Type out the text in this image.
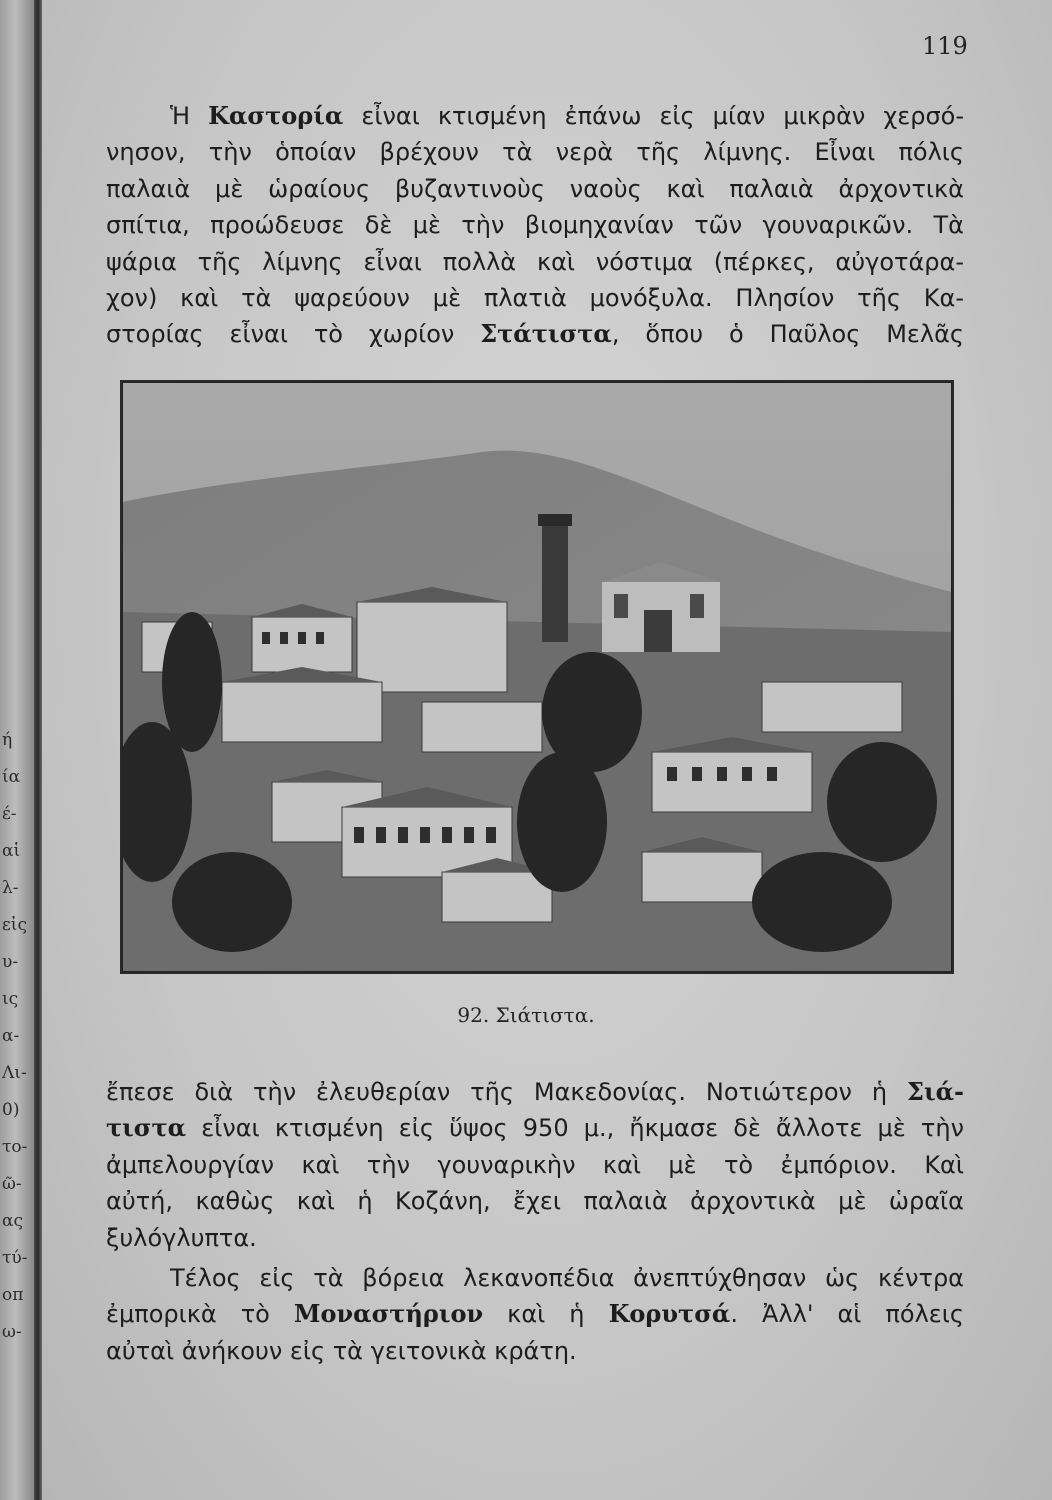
ή
ία
έ-
αἱ
λ-
εἰς
υ-
ις
α-
Λι-
0)
το-
ῶ-
ας
τύ-
οπ
ω-
119
Ἡ Καστορία εἶναι κτισμένη ἐπάνω εἰς μίαν μικρὰν χερσό-
νησον, τὴν ὁποίαν βρέχουν τὰ νερὰ τῆς λίμνης. Εἶναι πόλις
παλαιὰ μὲ ὡραίους βυζαντινοὺς ναοὺς καὶ παλαιὰ ἀρχοντικὰ
σπίτια, προώδευσε δὲ μὲ τὴν βιομηχανίαν τῶν γουναρικῶν. Τὰ
ψάρια τῆς λίμνης εἶναι πολλὰ καὶ νόστιμα (πέρκες, αὐγοτάρα-
χον) καὶ τὰ ψαρεύουν μὲ πλατιὰ μονόξυλα. Πλησίον τῆς Κα-
στορίας εἶναι τὸ χωρίον Στάτιστα, ὅπου ὁ Παῦλος Μελᾶς
92. Σιάτιστα.
ἔπεσε διὰ τὴν ἐλευθερίαν τῆς Μακεδονίας. Νοτιώτερον ἡ Σιά-
τιστα εἶναι κτισμένη εἰς ὕψος 950 μ., ἤκμασε δὲ ἄλλοτε μὲ τὴν
ἀμπελουργίαν καὶ τὴν γουναρικὴν καὶ μὲ τὸ ἐμπόριον. Καὶ
αὐτή, καθὼς καὶ ἡ Κοζάνη, ἔχει παλαιὰ ἀρχοντικὰ μὲ ὡραῖα
ξυλόγλυπτα.
Τέλος εἰς τὰ βόρεια λεκανοπέδια ἀνεπτύχθησαν ὡς κέντρα
ἐμπορικὰ τὸ Μοναστήριον καὶ ἡ Κορυτσά. Ἀλλ' αἱ πόλεις
αὐταὶ ἀνήκουν εἰς τὰ γειτονικὰ κράτη.
